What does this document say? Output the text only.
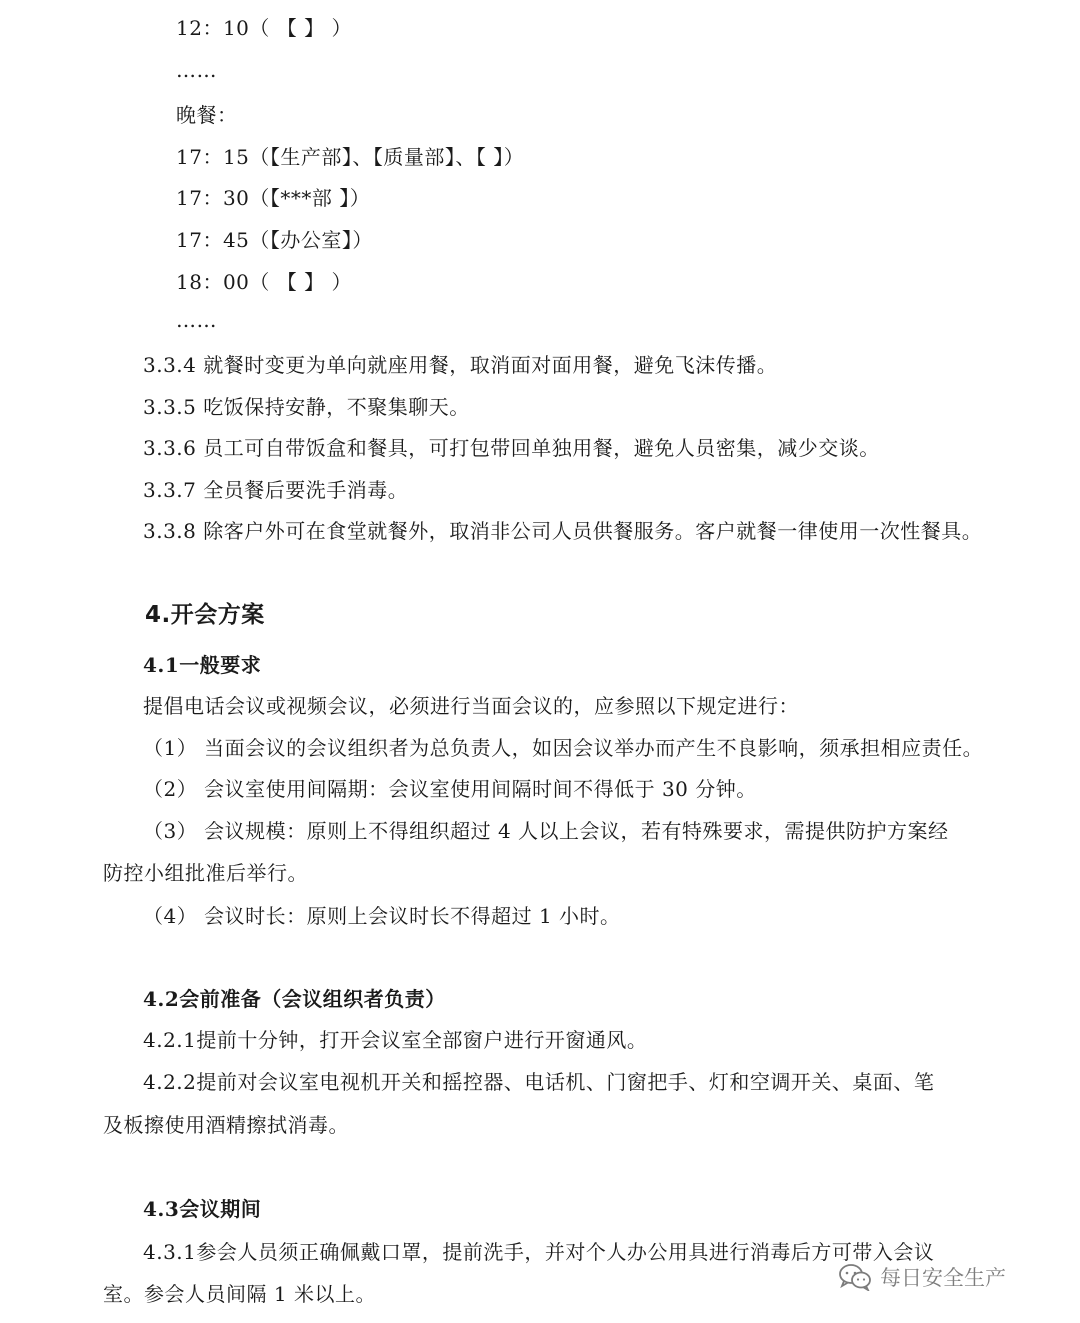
12：10（ 【 】 ）
……
晚餐：
17：15（【生产部】、【质量部】、【 】）
17：30（【***部 】）
17：45（【办公室】）
18：00（ 【 】 ）
……
3.3.4 就餐时变更为单向就座用餐，取消面对面用餐，避免飞沫传播。
3.3.5 吃饭保持安静，不聚集聊天。
3.3.6 员工可自带饭盒和餐具，可打包带回单独用餐，避免人员密集，减少交谈。
3.3.7 全员餐后要洗手消毒。
3.3.8 除客户外可在食堂就餐外，取消非公司人员供餐服务。客户就餐一律使用一次性餐具。
4.开会方案
4.1一般要求
提倡电话会议或视频会议，必须进行当面会议的，应参照以下规定进行：
（1） 当面会议的会议组织者为总负责人，如因会议举办而产生不良影响，须承担相应责任。
（2） 会议室使用间隔期：会议室使用间隔时间不得低于 30 分钟。
（3） 会议规模：原则上不得组织超过 4 人以上会议，若有特殊要求，需提供防护方案经
防控小组批准后举行。
（4） 会议时长：原则上会议时长不得超过 1 小时。
4.2会前准备（会议组织者负责）
4.2.1提前十分钟，打开会议室全部窗户进行开窗通风。
4.2.2提前对会议室电视机开关和摇控器、电话机、门窗把手、灯和空调开关、桌面、笔
及板擦使用酒精擦拭消毒。
4.3会议期间
4.3.1参会人员须正确佩戴口罩，提前洗手，并对个人办公用具进行消毒后方可带入会议
室。参会人员间隔 1 米以上。
每日安全生产
